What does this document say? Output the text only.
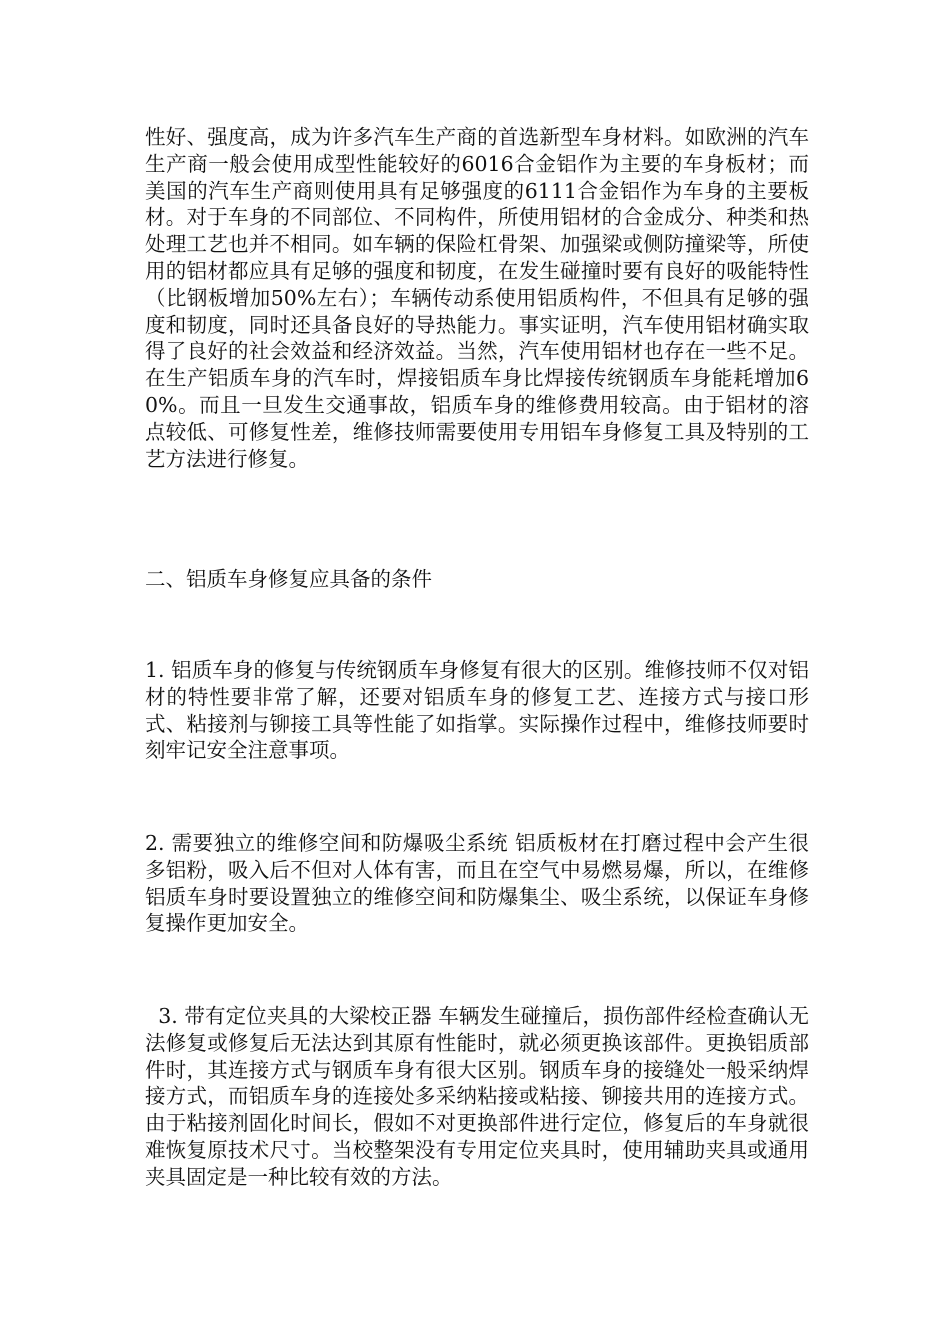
性好、强度高，成为许多汽车生产商的首选新型车身材料。如欧洲的汽车生产商一般会使用成型性能较好的6016合金铝作为主要的车身板材；而美国的汽车生产商则使用具有足够强度的6111合金铝作为车身的主要板材。对于车身的不同部位、不同构件，所使用铝材的合金成分、种类和热处理工艺也并不相同。如车辆的保险杠骨架、加强梁或侧防撞梁等，所使用的铝材都应具有足够的强度和韧度，在发生碰撞时要有良好的吸能特性（比钢板增加50%左右）；车辆传动系使用铝质构件，不但具有足够的强度和韧度，同时还具备良好的导热能力。事实证明，汽车使用铝材确实取得了良好的社会效益和经济效益。当然，汽车使用铝材也存在一些不足。在生产铝质车身的汽车时，焊接铝质车身比焊接传统钢质车身能耗增加60%。而且一旦发生交通事故，铝质车身的维修费用较高。由于铝材的溶点较低、可修复性差，维修技师需要使用专用铝车身修复工具及特别的工艺方法进行修复。

二、铝质车身修复应具备的条件

1. 铝质车身的修复与传统钢质车身修复有很大的区别。维修技师不仅对铝材的特性要非常了解，还要对铝质车身的修复工艺、连接方式与接口形式、粘接剂与铆接工具等性能了如指掌。实际操作过程中，维修技师要时刻牢记安全注意事项。

2. 需要独立的维修空间和防爆吸尘系统 铝质板材在打磨过程中会产生很多铝粉，吸入后不但对人体有害，而且在空气中易燃易爆，所以，在维修铝质车身时要设置独立的维修空间和防爆集尘、吸尘系统，以保证车身修复操作更加安全。

3. 带有定位夹具的大梁校正器 车辆发生碰撞后，损伤部件经检查确认无法修复或修复后无法达到其原有性能时，就必须更换该部件。更换铝质部件时，其连接方式与钢质车身有很大区别。钢质车身的接缝处一般采纳焊接方式，而铝质车身的连接处多采纳粘接或粘接、铆接共用的连接方式。由于粘接剂固化时间长，假如不对更换部件进行定位，修复后的车身就很难恢复原技术尺寸。当校整架没有专用定位夹具时，使用辅助夹具或通用夹具固定是一种比较有效的方法。
